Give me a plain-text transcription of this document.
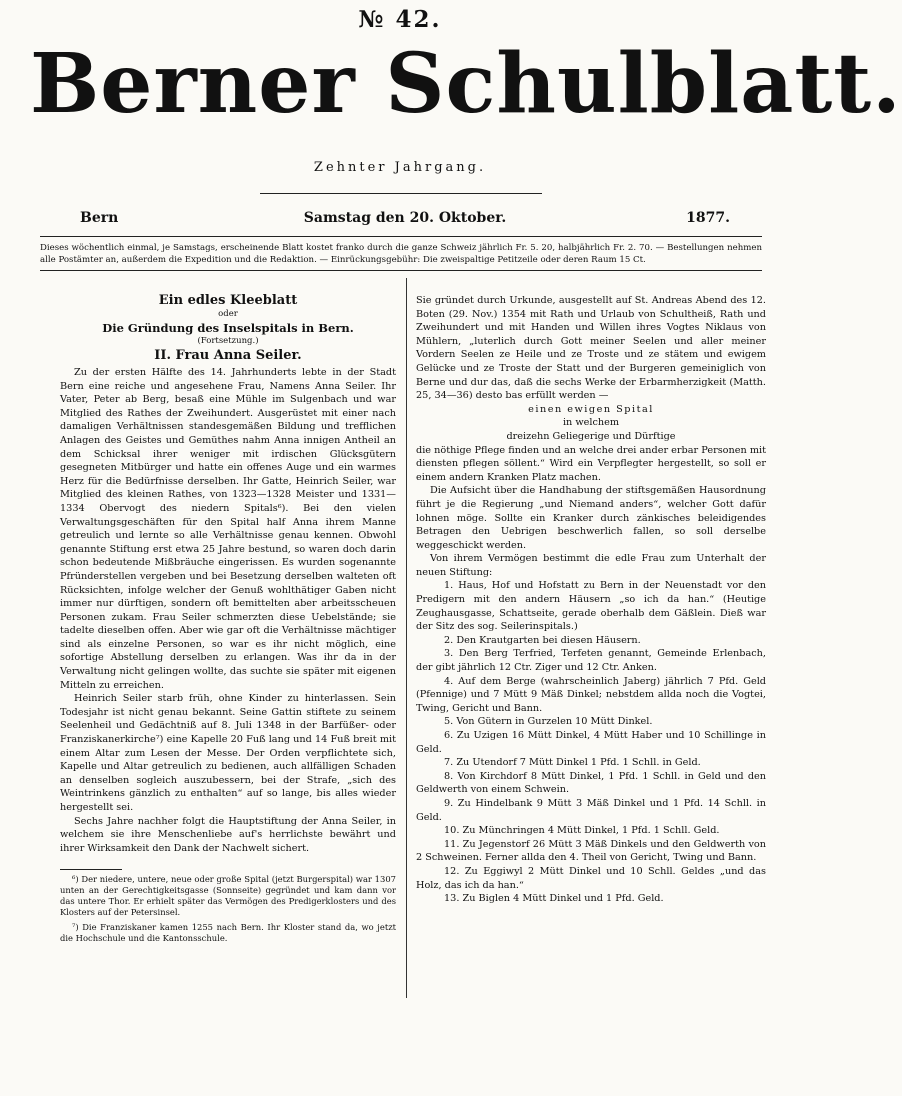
№ 42.
Berner Schulblatt.
Zehnter Jahrgang.
Samstag den 20. Oktober.
Bern	1877.
Dieses wöchentlich einmal, je Samstags, erscheinende Blatt kostet franko durch die ganze Schweiz jährlich Fr. 5. 20, halbjährlich Fr. 2. 70. — Bestellungen nehmen alle Postämter an, außerdem die Expedition und die Redaktion. — Einrückungsgebühr: Die zweispaltige Petitzeile oder deren Raum 15 Ct.

Ein edles Kleeblatt

oder

Die Gründung des Inselspitals in Bern.

(Fortsetzung.)

II. Frau Anna Seiler.

Zu der ersten Hälfte des 14. Jahrhunderts lebte in der Stadt Bern eine reiche und angesehene Frau, Namens Anna Seiler. Ihr Vater, Peter ab Berg, besaß eine Mühle im Sulgenbach und war Mitglied des Rathes der Zweihundert. Ausgerüstet mit einer nach damaligen Verhältnissen standesgemäßen Bildung und trefflichen Anlagen des Geistes und Gemüthes nahm Anna innigen Antheil an dem Schicksal ihrer weniger mit irdischen Glücksgütern gesegneten Mitbürger und hatte ein offenes Auge und ein warmes Herz für die Bedürfnisse derselben. Ihr Gatte, Heinrich Seiler, war Mitglied des kleinen Rathes, von 1323—1328 Meister und 1331—1334 Obervogt des niedern Spitals⁶). Bei den vielen Verwaltungsgeschäften für den Spital half Anna ihrem Manne getreulich und lernte so alle Verhältnisse genau kennen. Obwohl genannte Stiftung erst etwa 25 Jahre bestund, so waren doch darin schon bedeutende Mißbräuche eingerissen. Es wurden sogenannte Pfründerstellen vergeben und bei Besetzung derselben walteten oft Rücksichten, infolge welcher der Genuß wohlthätiger Gaben nicht immer nur dürftigen, sondern oft bemittelten aber arbeitsscheuen Personen zukam. Frau Seiler schmerzten diese Uebelstände; sie tadelte dieselben offen. Aber wie gar oft die Verhältnisse mächtiger sind als einzelne Personen, so war es ihr nicht möglich, eine sofortige Abstellung derselben zu erlangen. Was ihr da in der Verwaltung nicht gelingen wollte, das suchte sie später mit eigenen Mitteln zu erreichen.

Heinrich Seiler starb früh, ohne Kinder zu hinterlassen. Sein Todesjahr ist nicht genau bekannt. Seine Gattin stiftete zu seinem Seelenheil und Gedächtniß auf 8. Juli 1348 in der Barfüßer- oder Franziskanerkirche⁷) eine Kapelle 20 Fuß lang und 14 Fuß breit mit einem Altar zum Lesen der Messe. Der Orden verpflichtete sich, Kapelle und Altar getreulich zu bedienen, auch allfälligen Schaden an denselben sogleich auszubessern, bei der Strafe, „sich des Weintrinkens gänzlich zu enthalten“ auf so lange, bis alles wieder hergestellt sei.

Sechs Jahre nachher folgt die Hauptstiftung der Anna Seiler, in welchem sie ihre Menschenliebe auf's herrlichste bewährt und ihrer Wirksamkeit den Dank der Nachwelt sichert.

⁶) Der niedere, untere, neue oder große Spital (jetzt Burgerspital) war 1307 unten an der Gerechtigkeitsgasse (Sonnseite) gegründet und kam dann vor das untere Thor. Er erhielt später das Vermögen des Predigerklosters und des Klosters auf der Petersinsel.

⁷) Die Franziskaner kamen 1255 nach Bern. Ihr Kloster stand da, wo jetzt die Hochschule und die Kantonsschule.

Sie gründet durch Urkunde, ausgestellt auf St. Andreas Abend des 12. Boten (29. Nov.) 1354 mit Rath und Urlaub von Schultheiß, Rath und Zweihundert und mit Handen und Willen ihres Vogtes Niklaus von Mühlern, „luterlich durch Gott meiner Seelen und aller meiner Vordern Seelen ze Heile und ze Troste und ze stätem und ewigem Gelücke und ze Troste der Statt und der Burgeren gemeiniglich von Berne und dur das, daß die sechs Werke der Erbarmherzigkeit (Matth. 25, 34—36) desto bas erfüllt werden —

einen ewigen Spital

in welchem

dreizehn Geliegerige und Dürftige

die nöthige Pflege finden und an welche drei ander erbar Personen mit diensten pflegen söllent.“ Wird ein Verpflegter hergestellt, so soll er einem andern Kranken Platz machen.

Die Aufsicht über die Handhabung der stiftsgemäßen Hausordnung führt je die Regierung „und Niemand anders“, welcher Gott dafür lohnen möge. Sollte ein Kranker durch zänkisches beleidigendes Betragen den Uebrigen beschwerlich fallen, so soll derselbe weggeschickt werden.

Von ihrem Vermögen bestimmt die edle Frau zum Unterhalt der neuen Stiftung:

1. Haus, Hof und Hofstatt zu Bern in der Neuenstadt vor den Predigern mit den andern Häusern „so ich da han.“ (Heutige Zeughausgasse, Schattseite, gerade oberhalb dem Gäßlein. Dieß war der Sitz des sog. Seilerinspitals.)

2. Den Krautgarten bei diesen Häusern.

3. Den Berg Terfried, Terfeten genannt, Gemeinde Erlenbach, der gibt jährlich 12 Ctr. Ziger und 12 Ctr. Anken.

4. Auf dem Berge (wahrscheinlich Jaberg) jährlich 7 Pfd. Geld (Pfennige) und 7 Mütt 9 Mäß Dinkel; nebstdem allda noch die Vogtei, Twing, Gericht und Bann.

5. Von Gütern in Gurzelen 10 Mütt Dinkel.

6. Zu Uzigen 16 Mütt Dinkel, 4 Mütt Haber und 10 Schillinge in Geld.

7. Zu Utendorf 7 Mütt Dinkel 1 Pfd. 1 Schll. in Geld.

8. Von Kirchdorf 8 Mütt Dinkel, 1 Pfd. 1 Schll. in Geld und den Geldwerth von einem Schwein.

9. Zu Hindelbank 9 Mütt 3 Mäß Dinkel und 1 Pfd. 14 Schll. in Geld.

10. Zu Münchringen 4 Mütt Dinkel, 1 Pfd. 1 Schll. Geld.

11. Zu Jegenstorf 26 Mütt 3 Mäß Dinkels und den Geldwerth von 2 Schweinen. Ferner allda den 4. Theil von Gericht, Twing und Bann.

12. Zu Eggiwyl 2 Mütt Dinkel und 10 Schll. Geldes „und das Holz, das ich da han.“

13. Zu Biglen 4 Mütt Dinkel und 1 Pfd. Geld.
